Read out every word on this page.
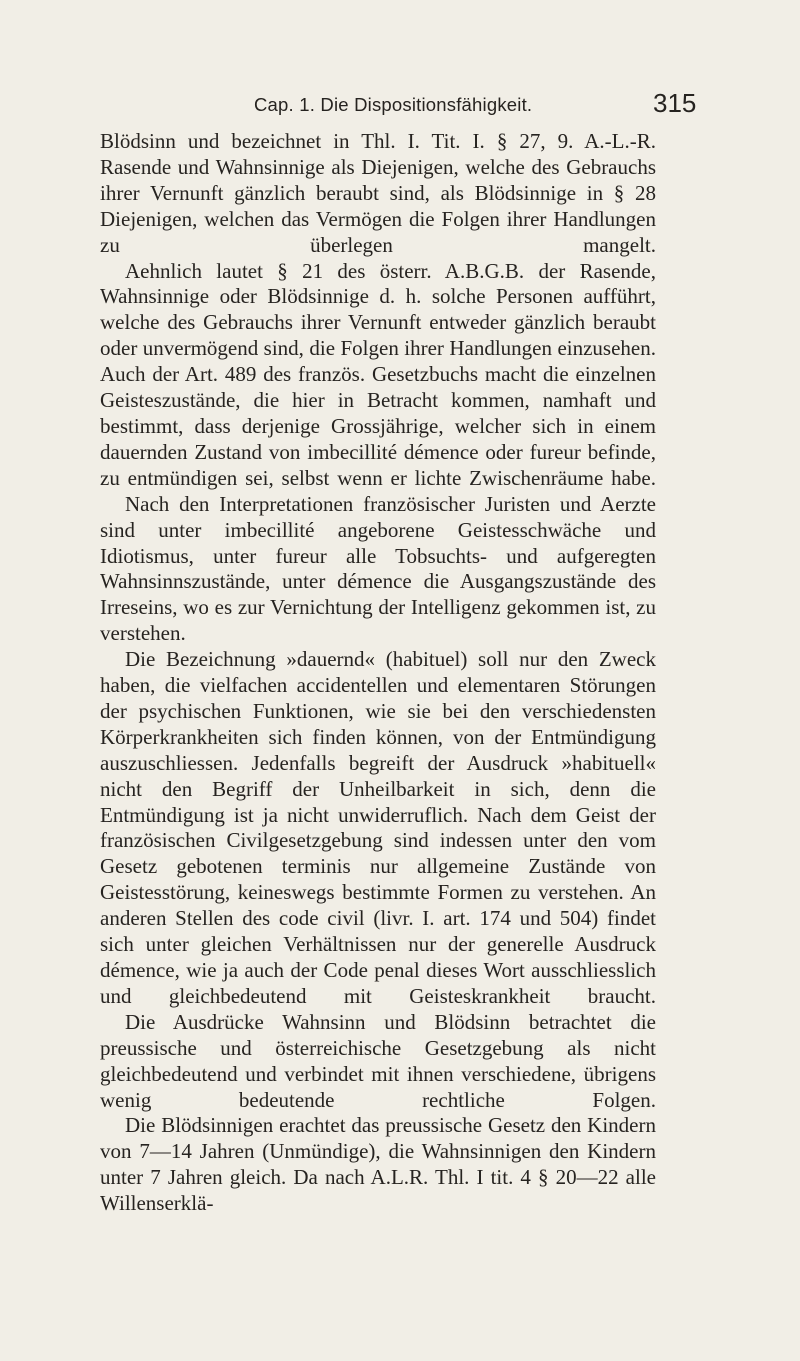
Cap. 1. Die Dispositionsfähigkeit.	315

Blödsinn und bezeichnet in Thl. I. Tit. I. § 27, 9. A.-L.-R. Rasende und Wahnsinnige als Diejenigen, welche des Gebrauchs ihrer Vernunft gänzlich beraubt sind, als Blödsinnige in § 28 Diejenigen, welchen das Vermögen die Folgen ihrer Handlungen zu überlegen mangelt.

Aehnlich lautet § 21 des österr. A.B.G.B. der Rasende, Wahnsinnige oder Blödsinnige d. h. solche Personen aufführt, welche des Gebrauchs ihrer Vernunft entweder gänzlich beraubt oder unvermögend sind, die Folgen ihrer Handlungen einzusehen. Auch der Art. 489 des französ. Gesetzbuchs macht die einzelnen Geisteszustände, die hier in Betracht kommen, namhaft und bestimmt, dass derjenige Grossjährige, welcher sich in einem dauernden Zustand von imbecillité démence oder fureur befinde, zu entmündigen sei, selbst wenn er lichte Zwischenräume habe.

Nach den Interpretationen französischer Juristen und Aerzte sind unter imbecillité angeborene Geistesschwäche und Idiotismus, unter fureur alle Tobsuchts- und aufgeregten Wahnsinnszustände, unter démence die Ausgangszustände des Irreseins, wo es zur Vernichtung der Intelligenz gekommen ist, zu verstehen.

Die Bezeichnung »dauernd« (habituel) soll nur den Zweck haben, die vielfachen accidentellen und elementaren Störungen der psychischen Funktionen, wie sie bei den verschiedensten Körperkrankheiten sich finden können, von der Entmündigung auszuschliessen. Jedenfalls begreift der Ausdruck »habituell« nicht den Begriff der Unheilbarkeit in sich, denn die Entmündigung ist ja nicht unwiderruflich. Nach dem Geist der französischen Civilgesetzgebung sind indessen unter den vom Gesetz gebotenen terminis nur allgemeine Zustände von Geistesstörung, keineswegs bestimmte Formen zu verstehen. An anderen Stellen des code civil (livr. I. art. 174 und 504) findet sich unter gleichen Verhältnissen nur der generelle Ausdruck démence, wie ja auch der Code penal dieses Wort ausschliesslich und gleichbedeutend mit Geisteskrankheit braucht.

Die Ausdrücke Wahnsinn und Blödsinn betrachtet die preussische und österreichische Gesetzgebung als nicht gleichbedeutend und verbindet mit ihnen verschiedene, übrigens wenig bedeutende rechtliche Folgen.

Die Blödsinnigen erachtet das preussische Gesetz den Kindern von 7—14 Jahren (Unmündige), die Wahnsinnigen den Kindern unter 7 Jahren gleich. Da nach A.L.R. Thl. I tit. 4 § 20—22 alle Willenserklä-
